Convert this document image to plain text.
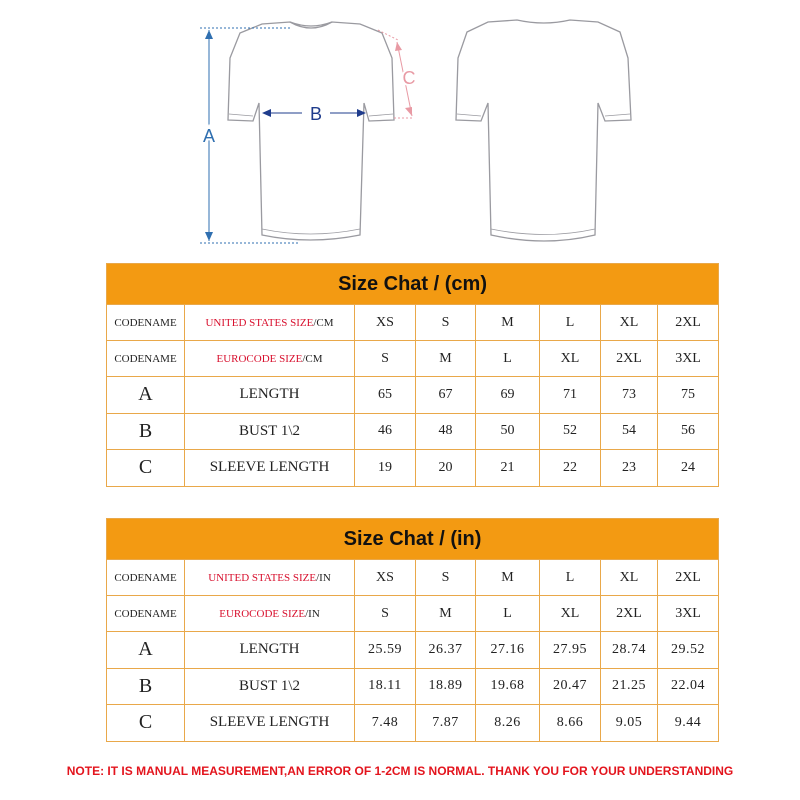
A
B
C
Size Chat / (cm)							
CODENAME	UNITED STATES SIZE/CM	XS	S	M	L	XL	2XL
CODENAME	EUROCODE SIZE/CM	S	M	L	XL	2XL	3XL
A	LENGTH	65	67	69	71	73	75
B	BUST 1\2	46	48	50	52	54	56
C	SLEEVE LENGTH	19	20	21	22	23	24
Size Chat / (in)							
CODENAME	UNITED STATES SIZE/IN	XS	S	M	L	XL	2XL
CODENAME	EUROCODE SIZE/IN	S	M	L	XL	2XL	3XL
A	LENGTH	25.59	26.37	27.16	27.95	28.74	29.52
B	BUST 1\2	18.11	18.89	19.68	20.47	21.25	22.04
C	SLEEVE LENGTH	7.48	7.87	8.26	8.66	9.05	9.44
NOTE: IT IS MANUAL MEASUREMENT,AN ERROR OF 1-2CM IS NORMAL. THANK YOU FOR YOUR UNDERSTANDING
